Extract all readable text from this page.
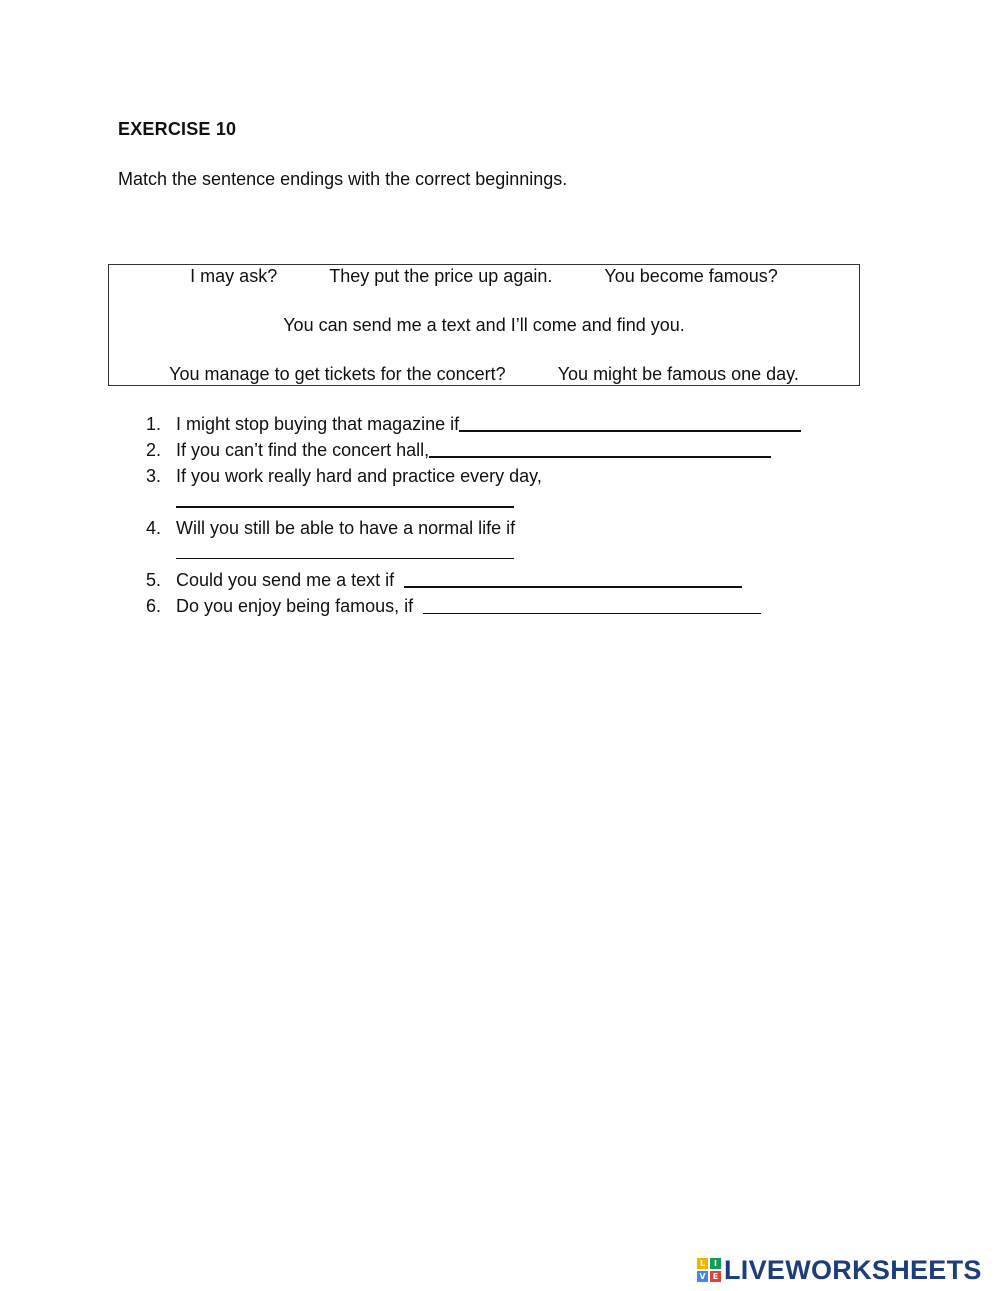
EXERCISE 10
Match the sentence endings with the correct beginnings.
I may ask?	They put the price up again.	You become famous?
You can send me a text and I’ll come and find you.
You manage to get tickets for the concert?	You might be famous one day.
1. I might stop buying that magazine if
2. If you can’t find the concert hall,
3. If you work really hard and practice every day,
4. Will you still be able to have a normal life if
5. Could you send me a text if
6. Do you enjoy being famous, if
L	I
V E LIVEWORKSHEETS
